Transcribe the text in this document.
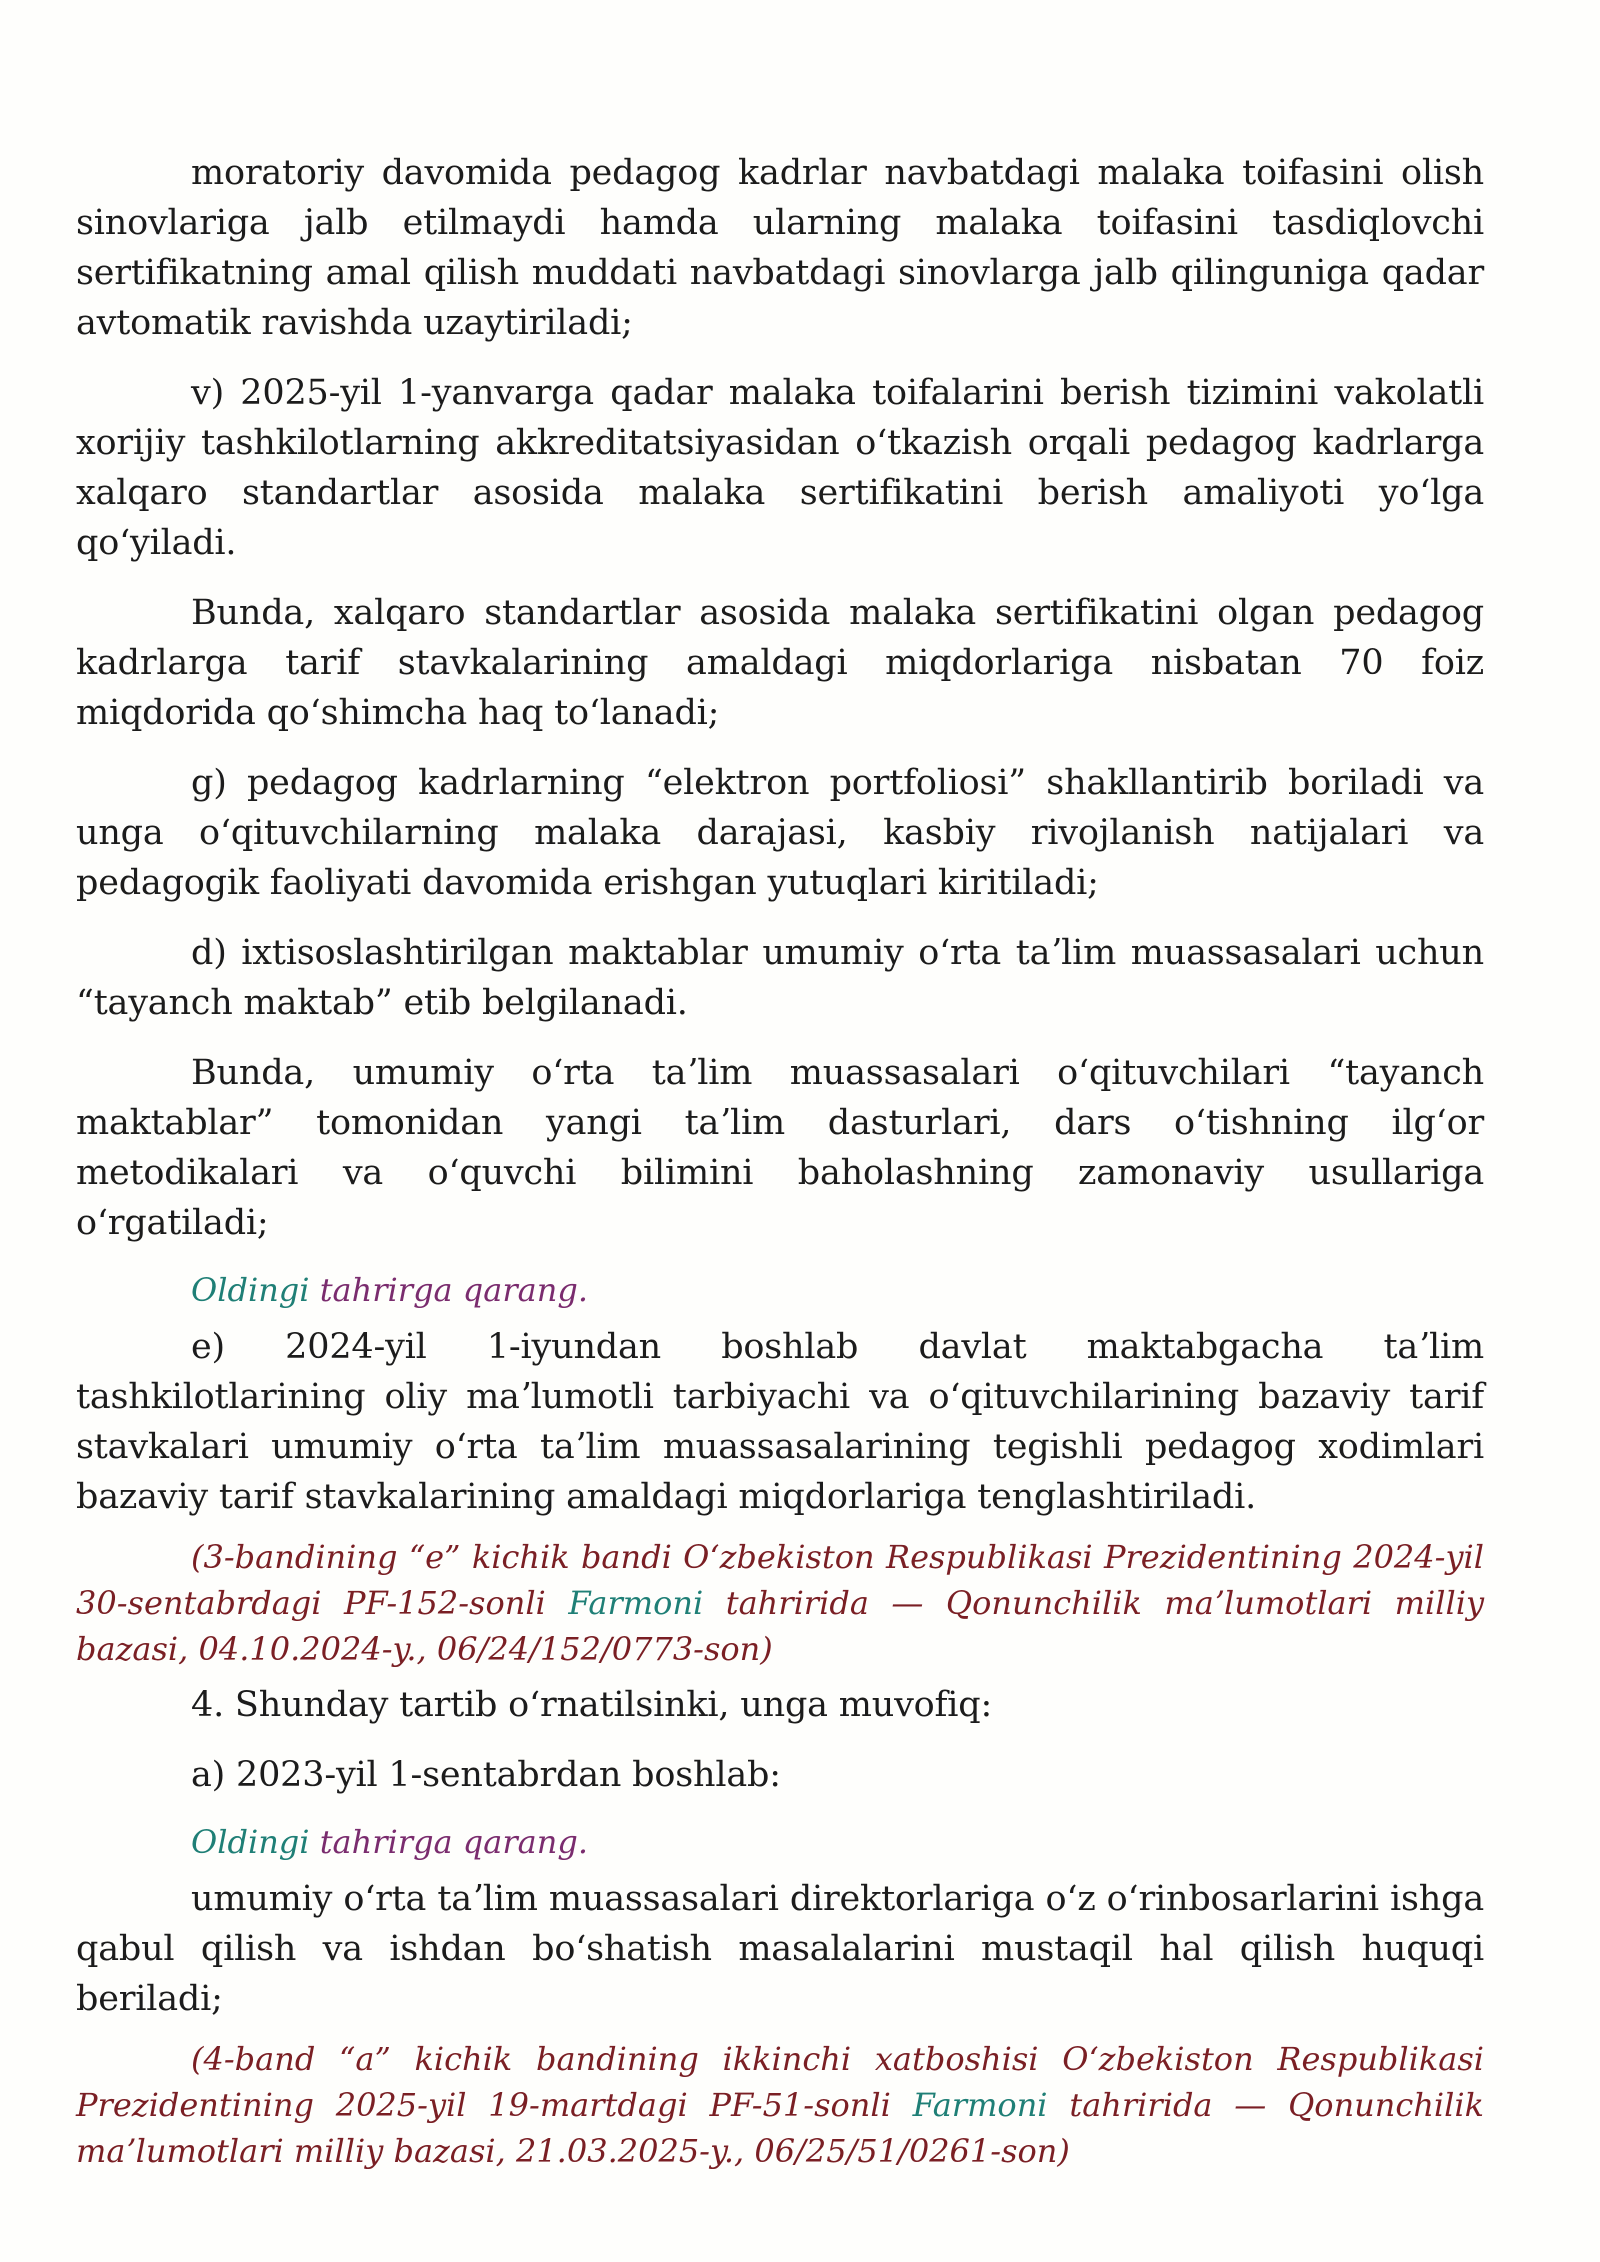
moratoriy davomida pedagog kadrlar navbatdagi malaka toifasini olish sinovlariga jalb etilmaydi hamda ularning malaka toifasini tasdiqlovchi sertifikatning amal qilish muddati navbatdagi sinovlarga jalb qilinguniga qadar avtomatik ravishda uzaytiriladi;

v) 2025-yil 1-yanvarga qadar malaka toifalarini berish tizimini vakolatli xorijiy tashkilotlarning akkreditatsiyasidan oʻtkazish orqali pedagog kadrlarga xalqaro standartlar asosida malaka sertifikatini berish amaliyoti yoʻlga qoʻyiladi.

Bunda, xalqaro standartlar asosida malaka sertifikatini olgan pedagog kadrlarga tarif stavkalarining amaldagi miqdorlariga nisbatan 70 foiz miqdorida qoʻshimcha haq toʻlanadi;

g) pedagog kadrlarning “elektron portfoliosi” shakllantirib boriladi va unga oʻqituvchilarning malaka darajasi, kasbiy rivojlanish natijalari va pedagogik faoliyati davomida erishgan yutuqlari kiritiladi;

d) ixtisoslashtirilgan maktablar umumiy oʻrta taʼlim muassasalari uchun “tayanch maktab” etib belgilanadi.

Bunda, umumiy oʻrta taʼlim muassasalari oʻqituvchilari “tayanch maktablar” tomonidan yangi taʼlim dasturlari, dars oʻtishning ilgʻor metodikalari va oʻquvchi bilimini baholashning zamonaviy usullariga oʻrgatiladi;

Oldingi tahrirga qarang.

e) 2024-yil 1-iyundan boshlab davlat maktabgacha taʼlim tashkilotlarining oliy maʼlumotli tarbiyachi va oʻqituvchilarining bazaviy tarif stavkalari umumiy oʻrta taʼlim muassasalarining tegishli pedagog xodimlari bazaviy tarif stavkalarining amaldagi miqdorlariga tenglashtiriladi.

(3-bandining “e” kichik bandi Oʻzbekiston Respublikasi Prezidentining 2024-yil 30-sentabrdagi PF-152-sonli Farmoni tahririda — Qonunchilik maʼlumotlari milliy bazasi, 04.10.2024-y., 06/24/152/0773-son)

4. Shunday tartib oʻrnatilsinki, unga muvofiq:

a) 2023-yil 1-sentabrdan boshlab:

Oldingi tahrirga qarang.

umumiy oʻrta taʼlim muassasalari direktorlariga oʻz oʻrinbosarlarini ishga qabul qilish va ishdan boʻshatish masalalarini mustaqil hal qilish huquqi beriladi;

(4-band “a” kichik bandining ikkinchi xatboshisi Oʻzbekiston Respublikasi Prezidentining 2025-yil 19-martdagi PF-51-sonli Farmoni tahririda — Qonunchilik maʼlumotlari milliy bazasi, 21.03.2025-y., 06/25/51/0261-son)
